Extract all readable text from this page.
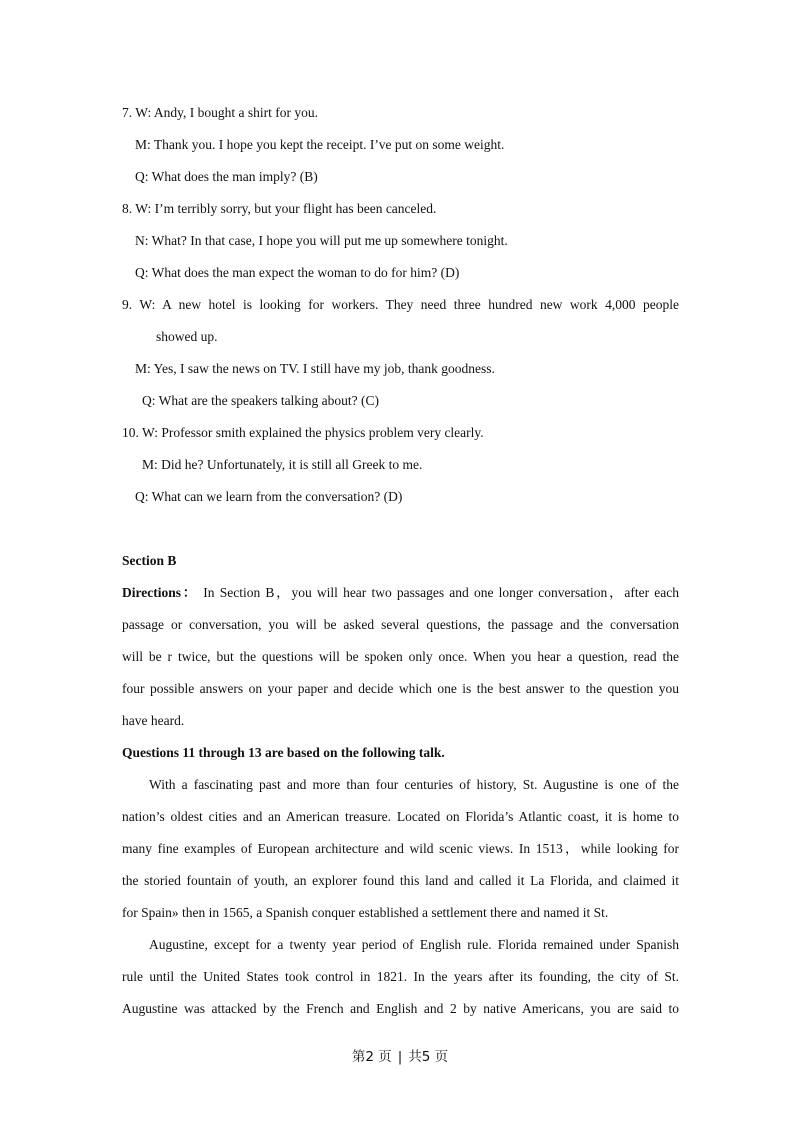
7. W: Andy, I bought a shirt for you.
M: Thank you. I hope you kept the receipt. I’ve put on some weight.
Q: What does the man imply? (B)
8. W: I’m terribly sorry, but your flight has been canceled.
N: What? In that case, I hope you will put me up somewhere tonight.
Q: What does the man expect the woman to do for him? (D)
9. W: A new hotel is looking for workers. They need three hundred new work 4,000 people
showed up.
M: Yes, I saw the news on TV. I still have my job, thank goodness.
Q: What are the speakers talking about? (C)
10. W: Professor smith explained the physics problem very clearly.
M: Did he? Unfortunately, it is still all Greek to me.
Q: What can we learn from the conversation? (D)
Section B
Directions： In Section B，you will hear two passages and one longer conversation，after each
passage or conversation, you will be asked several questions, the passage and the conversation
will be r twice, but the questions will be spoken only once. When you hear a question, read the
four possible answers on your paper and decide which one is the best answer to the question you
have heard.
Questions 11 through 13 are based on the following talk.
With a fascinating past and more than four centuries of history, St. Augustine is one of the
nation’s oldest cities and an American treasure. Located on Florida’s Atlantic coast, it is home to
many fine examples of European architecture and wild scenic views. In 1513，while looking for
the storied fountain of youth, an explorer found this land and called it La Florida, and claimed it
for Spain» then in 1565, a Spanish conquer established a settlement there and named it St.
Augustine, except for a twenty year period of English rule. Florida remained under Spanish
rule until the United States took control in 1821. In the years after its founding, the city of St.
Augustine was attacked by the French and English and 2 by native Americans, you are said to
第2 页 | 共5 页
